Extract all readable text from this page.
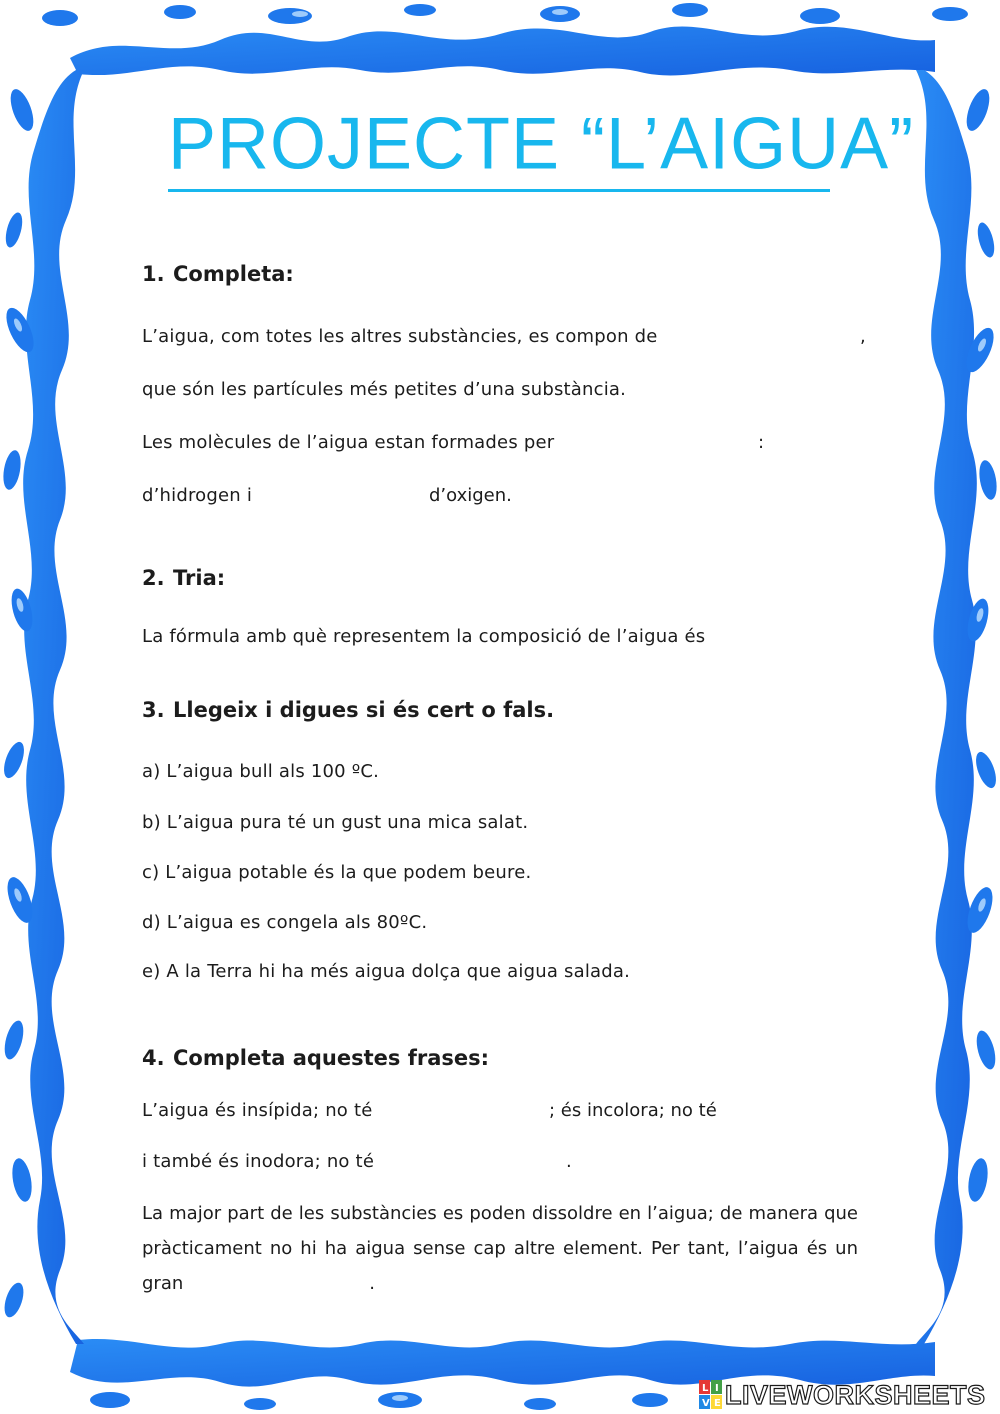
PROJECTE “L’AIGUA”
1. Completa:
L’aigua, com totes les altres substàncies, es compon de	,
que són les partícules més petites d’una substància.
Les molècules de l’aigua estan formades per	:
d’hidrogen i	d’oxigen.
2. Tria:
La fórmula amb què representem la composició de l’aigua és
3. Llegeix i digues si és cert o fals.
a) L’aigua bull als 100 ºC.
b) L’aigua pura té un gust una mica salat.
c) L’aigua potable és la que podem beure.
d) L’aigua es congela als 80ºC.
e) A la Terra hi ha més aigua dolça que aigua salada.
4. Completa aquestes frases:
L’aigua és insípida; no té	; és incolora; no té
i també és inodora; no té	.
La major part de les substàncies es poden dissoldre en l’aigua; de manera que pràcticament no hi ha aigua sense cap altre element. Per tant, l’aigua és un gran	.
L I
V E LIVEWORKSHEETS
